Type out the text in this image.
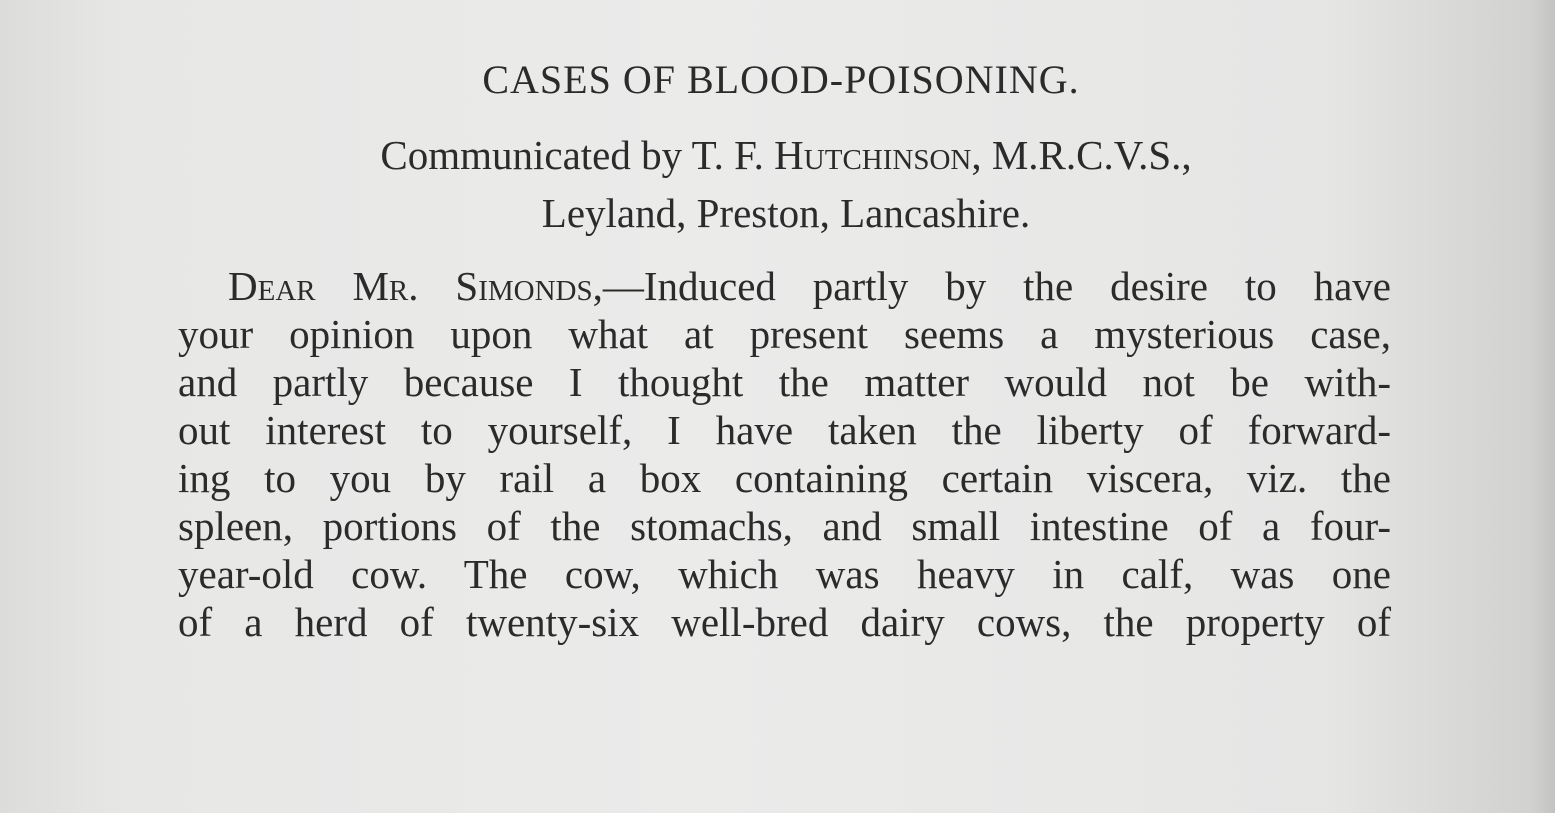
CASES OF BLOOD-POISONING.
Communicated by T. F. Hutchinson, M.R.C.V.S.,
Leyland, Preston, Lancashire.
Dear Mr. Simonds,—Induced partly by the desire to have
your opinion upon what at present seems a mysterious case,
and partly because I thought the matter would not be with-
out interest to yourself, I have taken the liberty of forward-
ing to you by rail a box containing certain viscera, viz. the
spleen, portions of the stomachs, and small intestine of a four-
year-old cow. The cow, which was heavy in calf, was one
of a herd of twenty-six well-bred dairy cows, the property of
